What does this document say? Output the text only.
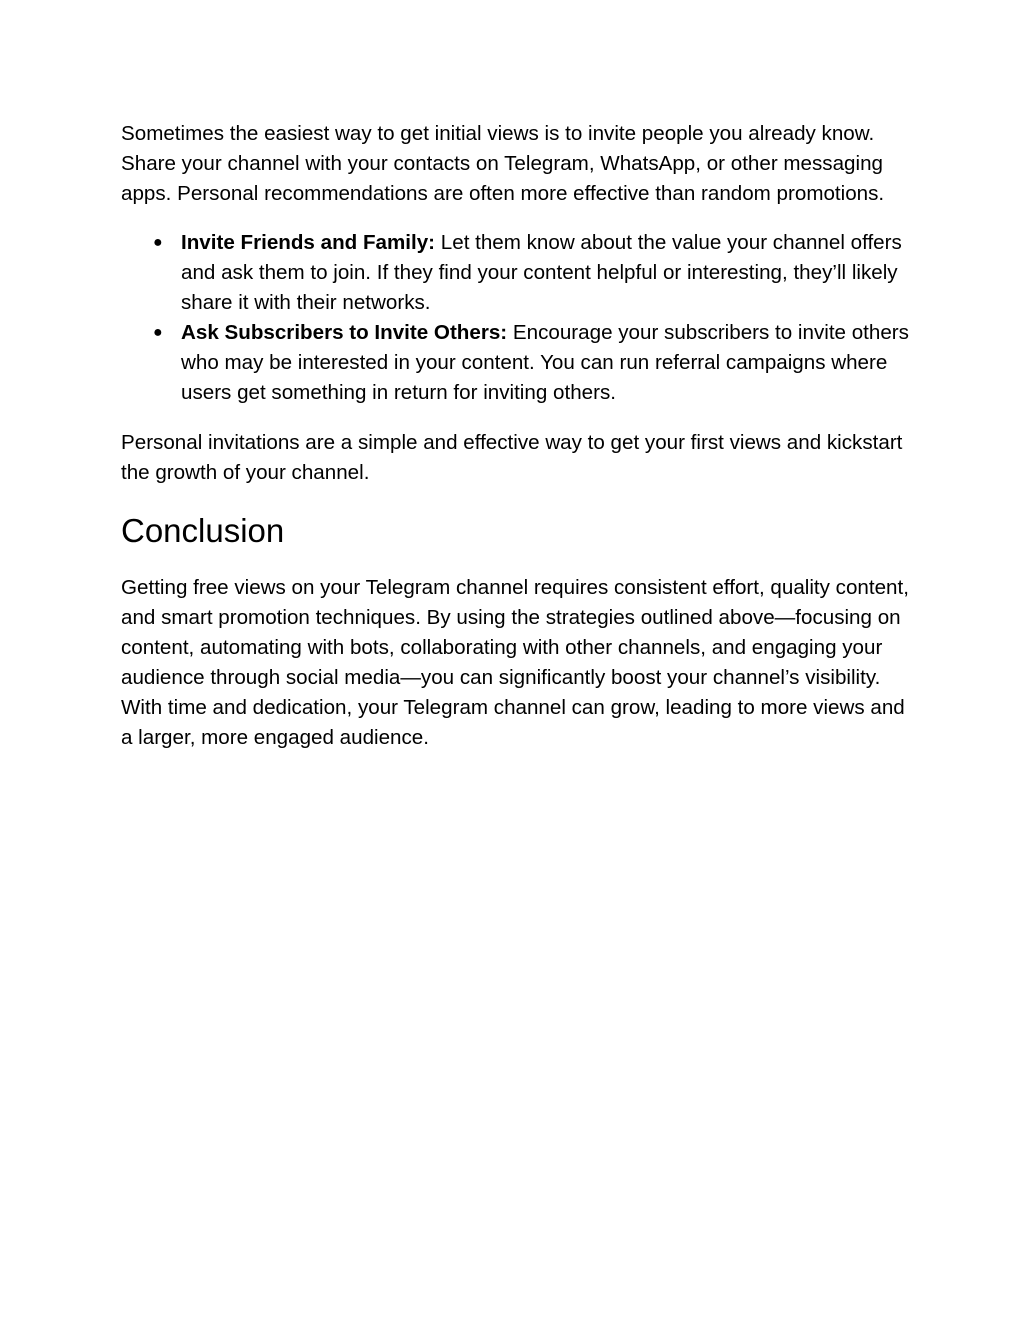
Sometimes the easiest way to get initial views is to invite people you already know. Share your channel with your contacts on Telegram, WhatsApp, or other messaging apps. Personal recommendations are often more effective than random promotions.

● Invite Friends and Family: Let them know about the value your channel offers and ask them to join. If they find your content helpful or interesting, they’ll likely share it with their networks.
● Ask Subscribers to Invite Others: Encourage your subscribers to invite others who may be interested in your content. You can run referral campaigns where users get something in return for inviting others.

Personal invitations are a simple and effective way to get your first views and kickstart the growth of your channel.

Conclusion

Getting free views on your Telegram channel requires consistent effort, quality content, and smart promotion techniques. By using the strategies outlined above—focusing on content, automating with bots, collaborating with other channels, and engaging your audience through social media—you can significantly boost your channel’s visibility. With time and dedication, your Telegram channel can grow, leading to more views and a larger, more engaged audience.
